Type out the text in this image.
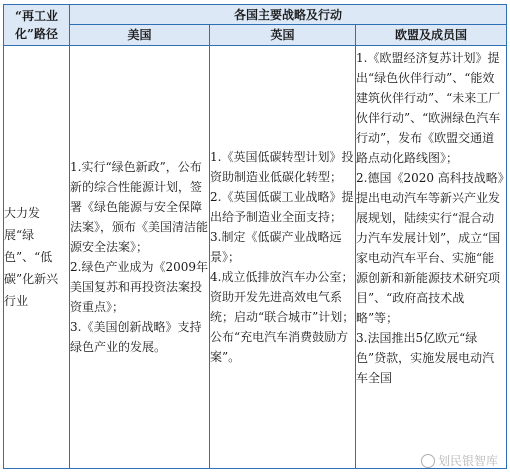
“再工业化”路径	各国主要战略及行动		
	美国	英国	欧盟及成员国
大力发展“绿色”、“低碳”化新兴行业	1.实行“绿色新政”，公布新的综合性能源计划，签署《绿色能源与安全保障法案》，颁布《美国清洁能源安全法案》；
2.绿色产业成为《2009年美国复苏和再投资法案投资重点》；
3.《美国创新战略》支持绿色产业的发展。	1.《英国低碳转型计划》投资助制造业低碳化转型；
2.《英国低碳工业战略》提出给予制造业全面支持；
3.制定《低碳产业战略远景》；
4.成立低排放汽车办公室；资助开发先进高效电气系统；启动“联合城市”计划；公布“充电汽车消费鼓励方案”。	1.《欧盟经济复苏计划》提出“绿色伙伴行动”、“能效建筑伙伴行动”、“未来工厂伙伴行动”、“欧洲绿色汽车行动”，发布《欧盟交通道路点动化路线图》；
2.德国《2020 高科技战略》提出电动汽车等新兴产业发展规划，陆续实行“混合动力汽车发展计划”，成立“国家电动汽车平台、实施“能源创新和新能源技术研究项目”、“政府高技术战略”等；
3.法国推出5亿欧元“绿色”贷款，实施发展电动汽车全国
划民银智库
